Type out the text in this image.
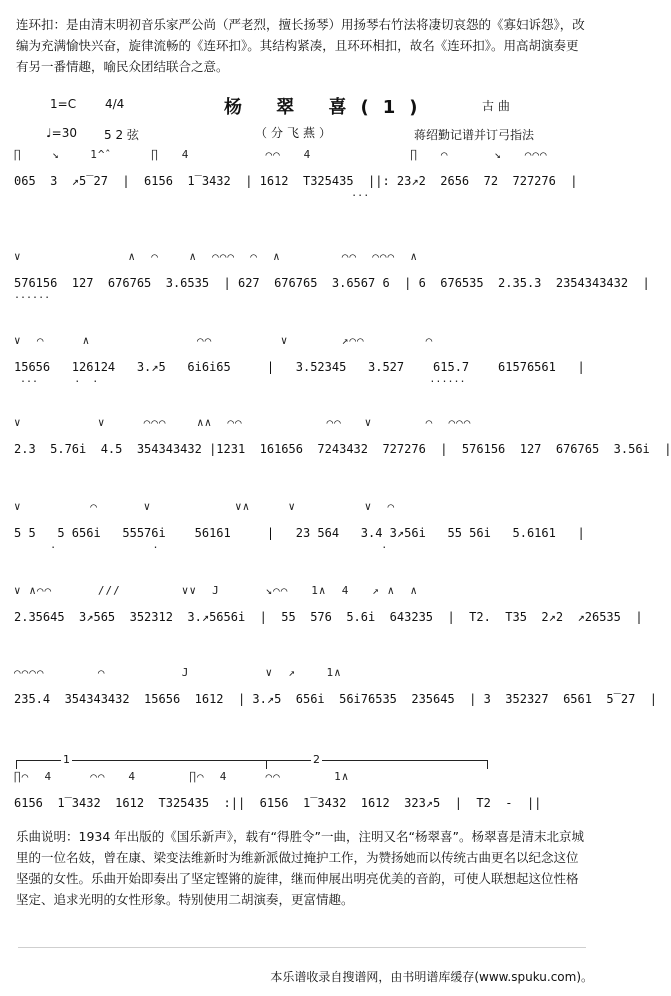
连环扣：是由清末明初音乐家严公尚（严老烈，擅长扬琴）用扬琴右竹法将凄切哀怨的《寡妇诉怨》，改编为充满愉快兴奋，旋律流畅的《连环扣》。其结构紧凑，且环环相扣，故名《连环扣》。用高胡演奏更有另一番情趣，喻民众团结联合之意。
1=C 4/4
♩=30 5 2 弦
杨 翠 喜(1)
（分飞燕）
古 曲
蒋绍勤记谱并订弓指法
∏    ↘    1^̂      ∏   4          ⌒⌒   4             ∏   ⌒      ↘   ⌒⌒⌒
065  3  ↗5‾27  |  6156  1‾3432  | 1612  T325435  ||: 23↗2  2656  72  727276  |
...
∨              ∧  ⌒    ∧  ⌒⌒⌒  ⌒  ∧        ⌒⌒  ⌒⌒⌒  ∧
576156  127  676765  3.6535  | 627  676765  3.6567 6  | 6  676535  2.35.3  2354343432  |
......
∨  ⌒     ∧              ⌒⌒         ∨       ↗⌒⌒        ⌒
15656   126124   3.↗5   6i6i65     |   3.52345   3.527    615.7    61576561   |
...      .  .                                                       ......
∨          ∨     ⌒⌒⌒    ∧∧  ⌒⌒           ⌒⌒   ∨       ⌒  ⌒⌒⌒
2.3  5.76i  4.5  354343432 |1231  161656  7243432  727276  |  576156  127  676765  3.56i  |

∨         ⌒      ∨           ∨∧     ∨         ∨  ⌒
5 5   5 656i   55576i    56161     |   23 564   3.4 3↗56i   55 56i   5.6161   |
.                .                                     .
∨ ∧⌒⌒      ///        ∨∨  J      ↘⌒⌒   1∧  4   ↗ ∧  ∧
2.35645  3↗565  352312  3.↗5656i  |  55  576  5.6i  643235  |  T2.  T35  2↗2  ↗26535  |

⌒⌒⌒⌒       ⌒          J          ∨  ↗    1∧
235.4  354343432  15656  1612  | 3.↗5  656i  56i76535  235645  | 3  352327  6561  5‾27  |

1	2
∏⌒  4     ⌒⌒   4       ∏⌒  4     ⌒⌒       1∧
6156  1‾3432  1612  T325435  :||  6156  1‾3432  1612  323↗5  |  T2  -  ||

乐曲说明：1934 年出版的《国乐新声》，载有“得胜令”一曲，注明又名“杨翠喜”。杨翠喜是清末北京城里的一位名妓，曾在康、梁变法维新时为维新派做过掩护工作，为赞扬她而以传统古曲更名以纪念这位坚强的女性。乐曲开始即奏出了坚定铿锵的旋律，继而伸展出明亮优美的音韵，可使人联想起这位性格坚定、追求光明的女性形象。特别使用二胡演奏，更富情趣。
本乐谱收录自搜谱网，由书明谱库缓存(www.spuku.com)。
